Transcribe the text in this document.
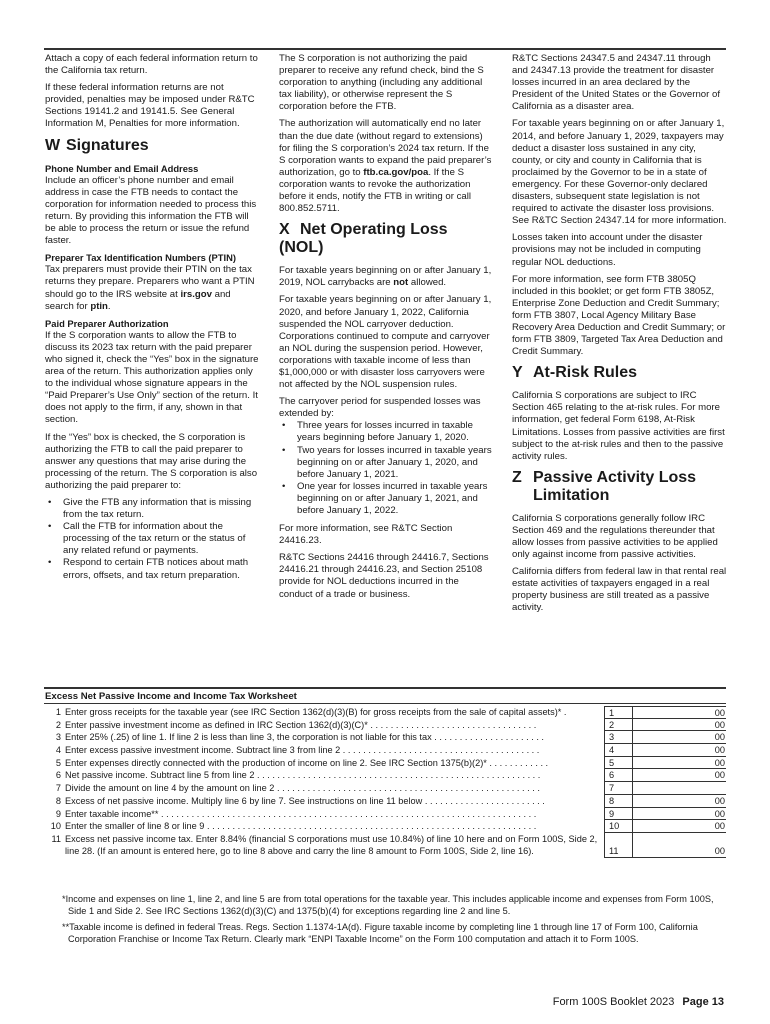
Attach a copy of each federal information return to the California tax return.

If these federal information returns are not provided, penalties may be imposed under R&TC Sections 19141.2 and 19141.5. See General Information M, Penalties for more information.

W Signatures
Phone Number and Email Address

Include an officer’s phone number and email address in case the FTB needs to contact the corporation for information needed to process this return. By providing this information the FTB will be able to process the return or issue the refund faster.

Preparer Tax Identification Numbers (PTIN)

Tax preparers must provide their PTIN on the tax returns they prepare. Preparers who want a PTIN should go to the IRS website at irs.gov and search for ptin.

Paid Preparer Authorization

If the S corporation wants to allow the FTB to discuss its 2023 tax return with the paid preparer who signed it, check the “Yes” box in the signature area of the return. This authorization applies only to the individual whose signature appears in the “Paid Preparer’s Use Only” section of the return. It does not apply to the firm, if any, shown in that section.

If the “Yes” box is checked, the S corporation is authorizing the FTB to call the paid preparer to answer any questions that may arise during the processing of the return. The S corporation is also authorizing the paid preparer to:

• Give the FTB any information that is missing from the tax return.
• Call the FTB for information about the processing of the tax return or the status of any related refund or payments.
• Respond to certain FTB notices about math errors, offsets, and tax return preparation.

The S corporation is not authorizing the paid preparer to receive any refund check, bind the S corporation to anything (including any additional tax liability), or otherwise represent the S corporation before the FTB.

The authorization will automatically end no later than the due date (without regard to extensions) for filing the S corporation’s 2024 tax return. If the S corporation wants to expand the paid preparer’s authorization, go to ftb.ca.gov/poa. If the S corporation wants to revoke the authorization before it ends, notify the FTB in writing or call 800.852.5711.

X Net Operating Loss (NOL)

For taxable years beginning on or after January 1, 2019, NOL carrybacks are not allowed.

For taxable years beginning on or after January 1, 2020, and before January 1, 2022, California suspended the NOL carryover deduction. Corporations continued to compute and carryover an NOL during the suspension period. However, corporations with taxable income of less than $1,000,000 or with disaster loss carryovers were not affected by the NOL suspension rules.

The carryover period for suspended losses was extended by:

• Three years for losses incurred in taxable years beginning before January 1, 2020.
• Two years for losses incurred in taxable years beginning on or after January 1, 2020, and before January 1, 2021.
• One year for losses incurred in taxable years beginning on or after January 1, 2021, and before January 1, 2022.

For more information, see R&TC Section 24416.23.

R&TC Sections 24416 through 24416.7, Sections 24416.21 through 24416.23, and Section 25108 provide for NOL deductions incurred in the conduct of a trade or business.

R&TC Sections 24347.5 and 24347.11 through and 24347.13 provide the treatment for disaster losses incurred in an area declared by the President of the United States or the Governor of California as a disaster area.

For taxable years beginning on or after January 1, 2014, and before January 1, 2029, taxpayers may deduct a disaster loss sustained in any city, county, or city and county in California that is proclaimed by the Governor to be in a state of emergency. For these Governor-only declared disasters, subsequent state legislation is not required to activate the disaster loss provisions. See R&TC Section 24347.14 for more information.

Losses taken into account under the disaster provisions may not be included in computing regular NOL deductions.

For more information, see form FTB 3805Q included in this booklet; or get form FTB 3805Z, Enterprise Zone Deduction and Credit Summary; form FTB 3807, Local Agency Military Base Recovery Area Deduction and Credit Summary; or form FTB 3809, Targeted Tax Area Deduction and Credit Summary.

Y At-Risk Rules

California S corporations are subject to IRC Section 465 relating to the at-risk rules. For more information, get federal Form 6198, At-Risk Limitations. Losses from passive activities are first subject to the at-risk rules and then to the passive activity rules.

Z Passive Activity Loss
Limitation

California S corporations generally follow IRC Section 469 and the regulations thereunder that allow losses from passive activities to be applied only against income from passive activities.

California differs from federal law in that rental real estate activities of taxpayers engaged in a real property business are still treated as a passive activity.

Excess Net Passive Income and Income Tax Worksheet
1 Enter gross receipts for the taxable year (see IRC Section 1362(d)(3)(B) for gross receipts from the sale of capital assets)* .	1	00
2 Enter passive investment income as defined in IRC Section 1362(d)(3)(C)* . . . . . . . . . . . . . . . . . . . . . . . . . . . . . . . . .	2	00
3 Enter 25% (.25) of line 1. If line 2 is less than line 3, the corporation is not liable for this tax . . . . . . . . . . . . . . . . . . . . . .	3	00
4 Enter excess passive investment income. Subtract line 3 from line 2 . . . . . . . . . . . . . . . . . . . . . . . . . . . . . . . . . . . . . . .	4	00
5 Enter expenses directly connected with the production of income on line 2. See IRC Section 1375(b)(2)* . . . . . . . . . . . .	5	00
6 Net passive income. Subtract line 5 from line 2 . . . . . . . . . . . . . . . . . . . . . . . . . . . . . . . . . . . . . . . . . . . . . . . . . . . . . . . .	6	00
7 Divide the amount on line 4 by the amount on line 2 . . . . . . . . . . . . . . . . . . . . . . . . . . . . . . . . . . . . . . . . . . . . . . . . . . . .	7
8 Excess of net passive income. Multiply line 6 by line 7. See instructions on line 11 below . . . . . . . . . . . . . . . . . . . . . . . .	8	00
9 Enter taxable income** . . . . . . . . . . . . . . . . . . . . . . . . . . . . . . . . . . . . . . . . . . . . . . . . . . . . . . . . . . . . . . . . . . . . . . . . . .	9	00
10 Enter the smaller of line 8 or line 9 . . . . . . . . . . . . . . . . . . . . . . . . . . . . . . . . . . . . . . . . . . . . . . . . . . . . . . . . . . . . . . . . .	10	00
11 Excess net passive income tax. Enter 8.84% (financial S corporations must use 10.84%) of line 10 here and on Form 100S, Side 2, line 28. (If an amount is entered here, go to line 8 above and carry the line 8 amount to Form 100S, Side 2, line 16).	11	00

*Income and expenses on line 1, line 2, and line 5 are from total operations for the taxable year. This includes applicable income and expenses from Form 100S, Side 1 and Side 2. See IRC Sections 1362(d)(3)(C) and 1375(b)(4) for exceptions regarding line 2 and line 5.

**Taxable income is defined in federal Treas. Regs. Section 1.1374-1A(d). Figure taxable income by completing line 1 through line 17 of Form 100, California Corporation Franchise or Income Tax Return. Clearly mark “ENPI Taxable Income” on the Form 100 computation and attach it to Form 100S.

Form 100S Booklet 2023 Page 13
